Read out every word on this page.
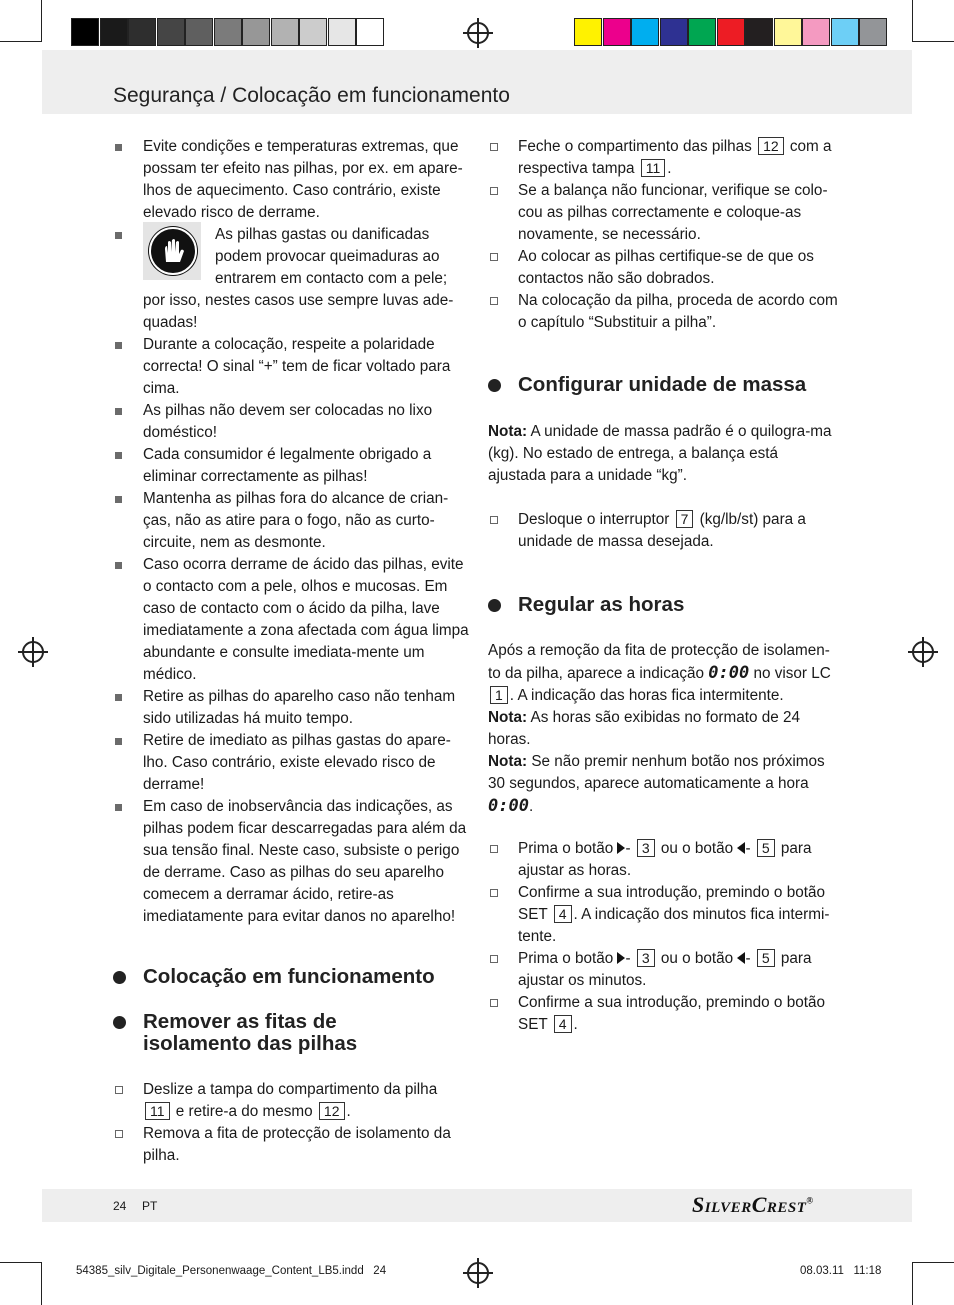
Segurança / Colocação em funcionamento
Evite condições e temperaturas extremas, que possam ter efeito nas pilhas, por ex. em apare-lhos de aquecimento. Caso contrário, existe elevado risco de derrame.
As pilhas gastas ou danificadas podem provocar queimaduras ao entrarem em contacto com a pele; por isso, nestes casos use sempre luvas ade-quadas!
Durante a colocação, respeite a polaridade correcta! O sinal “+” tem de ficar voltado para cima.
As pilhas não devem ser colocadas no lixo doméstico!
Cada consumidor é legalmente obrigado a eliminar correctamente as pilhas!
Mantenha as pilhas fora do alcance de crian-ças, não as atire para o fogo, não as curto-circuite, nem as desmonte.
Caso ocorra derrame de ácido das pilhas, evite o contacto com a pele, olhos e mucosas. Em caso de contacto com o ácido da pilha, lave imediatamente a zona afectada com água limpa abundante e consulte imediata-mente um médico.
Retire as pilhas do aparelho caso não tenham sido utilizadas há muito tempo.
Retire de imediato as pilhas gastas do apare-lho. Caso contrário, existe elevado risco de derrame!
Em caso de inobservância das indicações, as pilhas podem ficar descarregadas para além da sua tensão final. Neste caso, subsiste o perigo de derrame. Caso as pilhas do seu aparelho comecem a derramar ácido, retire-as imediatamente para evitar danos no aparelho!
Colocação em funcionamento
Remover as fitas de
isolamento das pilhas
Deslize a tampa do compartimento da pilha 11 e retire-a do mesmo 12 .
Remova a fita de protecção de isolamento da pilha.
Feche o compartimento das pilhas 12 com a respectiva tampa 11 .
Se a balança não funcionar, verifique se colo-cou as pilhas correctamente e coloque-as novamente, se necessário.
Ao colocar as pilhas certifique-se de que os contactos não são dobrados.
Na colocação da pilha, proceda de acordo com o capítulo “Substituir a pilha”.
Configurar unidade de massa
Nota: A unidade de massa padrão é o quilogra-ma (kg). No estado de entrega, a balança está ajustada para a unidade “kg”.
Desloque o interruptor 7 (kg/lb/st) para a unidade de massa desejada.
Regular as horas
Após a remoção da fita de protecção de isolamen-to da pilha, aparece a indicação 0:00 no visor LC 1 . A indicação das horas fica intermitente.
Nota: As horas são exibidas no formato de 24 horas.
Nota: Se não premir nenhum botão nos próximos 30 segundos, aparece automaticamente a hora 0:00.
Prima o botão - 3 ou o botão - 5 para ajustar as horas.
Confirme a sua introdução, premindo o botão SET 4 . A indicação dos minutos fica intermi-tente.
Prima o botão - 3 ou o botão - 5 para ajustar os minutos.
Confirme a sua introdução, premindo o botão SET 4 .
24 PT	SilverCrest®
54385_silv_Digitale_Personenwaage_Content_LB5.indd   24	08.03.11   11:18
